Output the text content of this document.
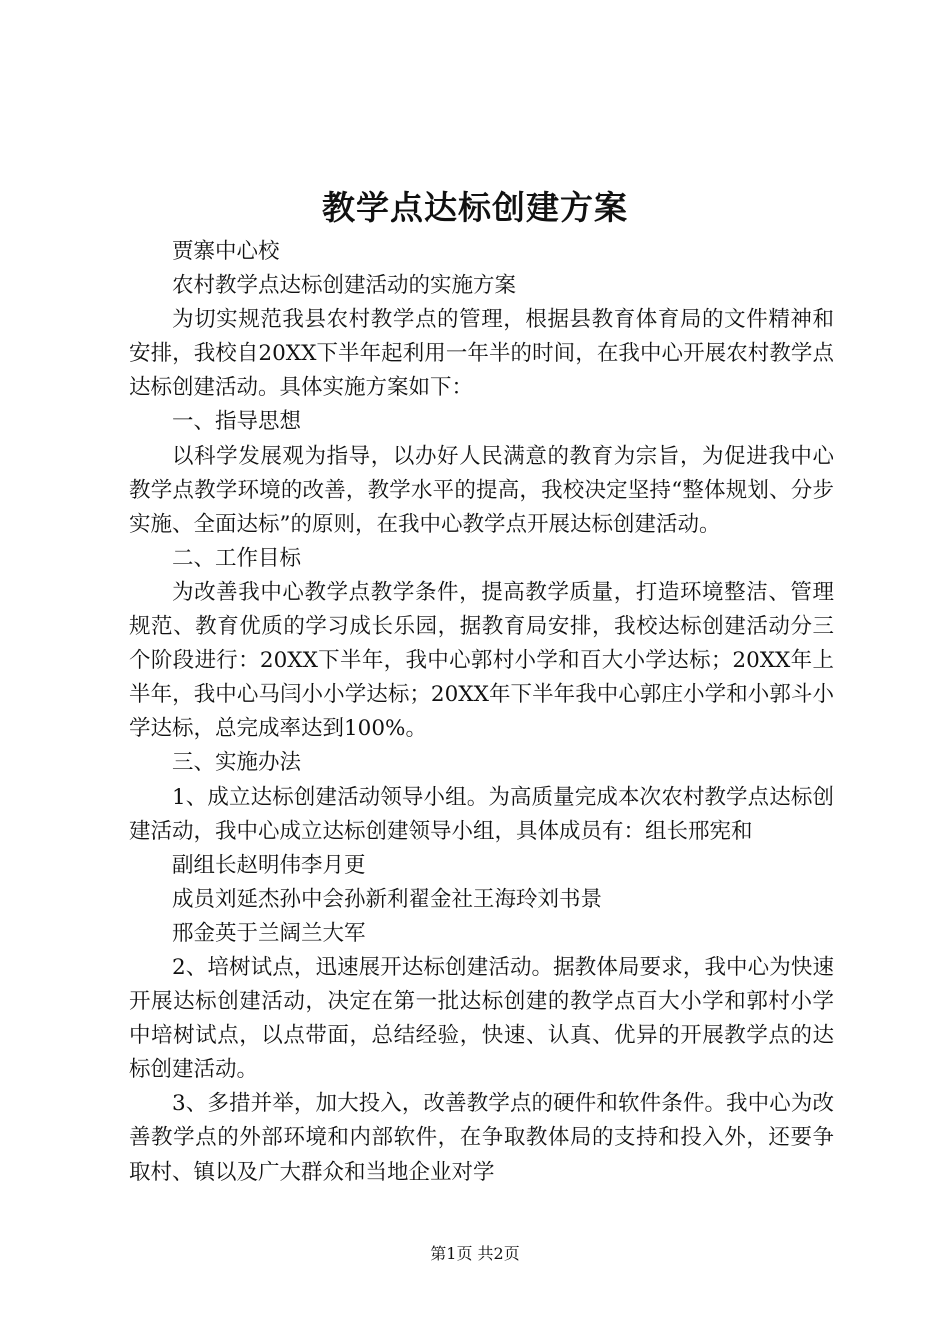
教学点达标创建方案

贾寨中心校

农村教学点达标创建活动的实施方案

为切实规范我县农村教学点的管理，根据县教育体育局的文件精神和安排，我校自20XX下半年起利用一年半的时间，在我中心开展农村教学点达标创建活动。具体实施方案如下：

一、指导思想

以科学发展观为指导，以办好人民满意的教育为宗旨，为促进我中心教学点教学环境的改善，教学水平的提高，我校决定坚持“整体规划、分步实施、全面达标”的原则，在我中心教学点开展达标创建活动。

二、工作目标

为改善我中心教学点教学条件，提高教学质量，打造环境整洁、管理规范、教育优质的学习成长乐园，据教育局安排，我校达标创建活动分三个阶段进行：20XX下半年，我中心郭村小学和百大小学达标；20XX年上半年，我中心马闫小小学达标；20XX年下半年我中心郭庄小学和小郭斗小学达标，总完成率达到100%。

三、实施办法

1、成立达标创建活动领导小组。为高质量完成本次农村教学点达标创建活动，我中心成立达标创建领导小组，具体成员有：组长邢宪和

副组长赵明伟李月更

成员刘延杰孙中会孙新利翟金社王海玲刘书景

邢金英于兰阔兰大军

2、培树试点，迅速展开达标创建活动。据教体局要求，我中心为快速开展达标创建活动，决定在第一批达标创建的教学点百大小学和郭村小学中培树试点，以点带面，总结经验，快速、认真、优异的开展教学点的达标创建活动。

3、多措并举，加大投入，改善教学点的硬件和软件条件。我中心为改善教学点的外部环境和内部软件，在争取教体局的支持和投入外，还要争取村、镇以及广大群众和当地企业对学

第1页 共2页
